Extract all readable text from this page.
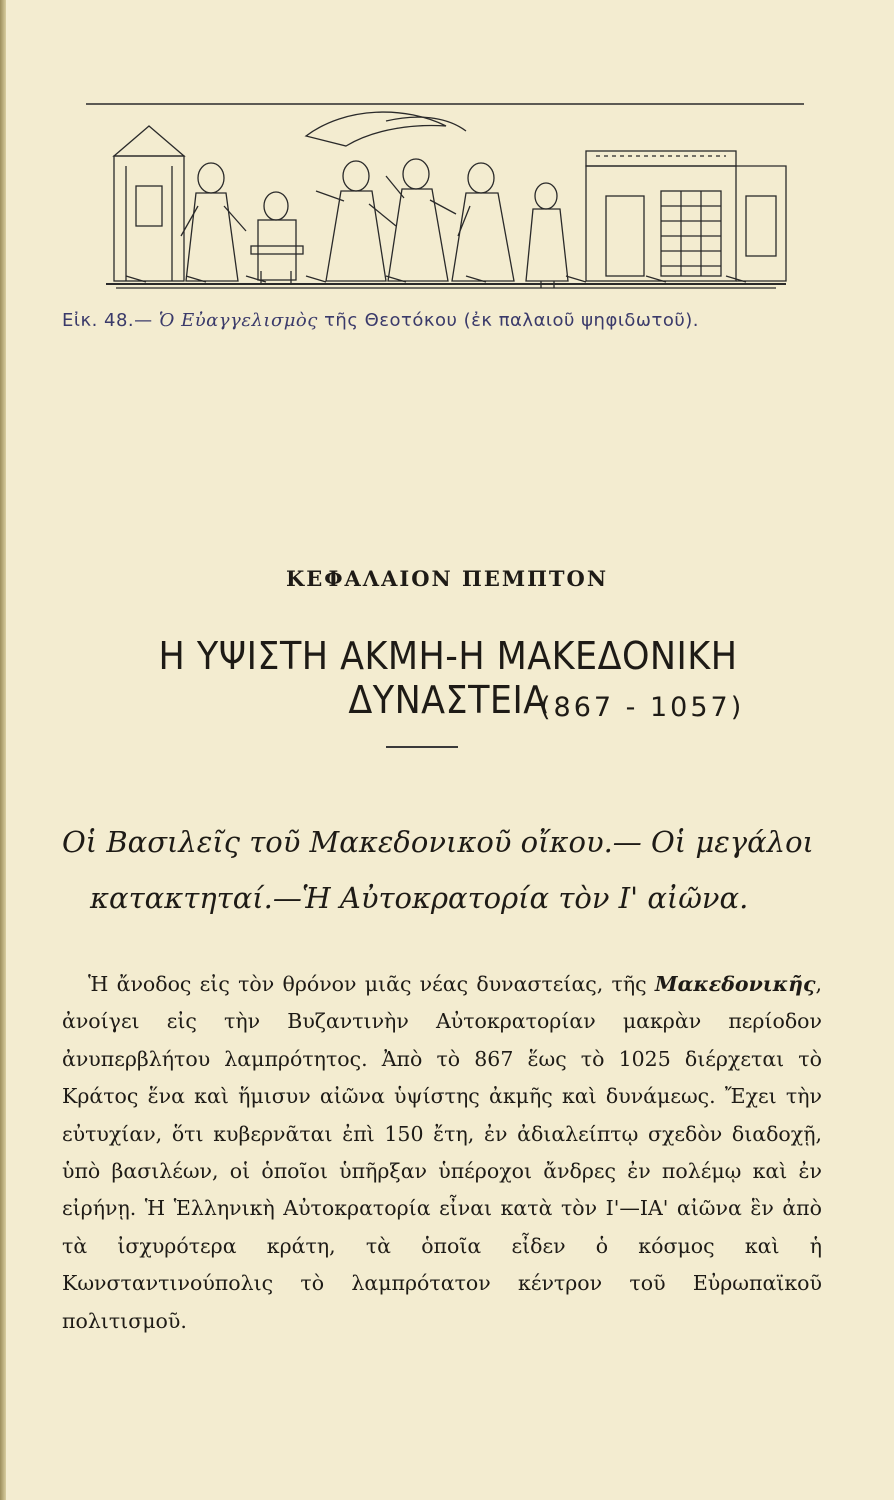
Εἰκ. 48.— Ὁ Εὐαγγελισμὸς τῆς Θεοτόκου (ἐκ παλαιοῦ ψηφιδωτοῦ).
ΚΕΦΑΛΑΙΟΝ ΠΕΜΠΤΟΝ
Η ΥΨΙΣΤΗ ΑΚΜΗ-Η ΜΑΚΕΔΟΝΙΚΗ ΔΥΝΑΣΤΕΙΑ
(867 - 1057)
Οἱ Βασιλεῖς τοῦ Μακεδονικοῦ οἴκου.— Οἱ μεγάλοι
κατακτηταί.—Ἡ Αὐτοκρατορία τὸν Ι' αἰῶνα.
Ἡ ἄνοδος εἰς τὸν θρόνον μιᾶς νέας δυναστείας, τῆς Μακεδονικῆς, ἀνοίγει εἰς τὴν Βυζαντινὴν Αὐτοκρατορίαν μακρὰν περίοδον ἀνυπερβλήτου λαμπρότητος. Ἀπὸ τὸ 867 ἕως τὸ 1025 διέρχεται τὸ Κράτος ἕνα καὶ ἥμισυν αἰῶνα ὑψίστης ἀκμῆς καὶ δυνάμεως. Ἔχει τὴν εὐτυχίαν, ὅτι κυβερνᾶται ἐπὶ 150 ἔτη, ἐν ἀδιαλείπτῳ σχεδὸν διαδοχῇ, ὑπὸ βασιλέων, οἱ ὁποῖοι ὑπῆρξαν ὑπέροχοι ἄνδρες ἐν πολέμῳ καὶ ἐν εἰρήνῃ. Ἡ Ἑλληνικὴ Αὐτοκρατορία εἶναι κατὰ τὸν Ι'—ΙΑ' αἰῶνα ἓν ἀπὸ τὰ ἰσχυρότερα κράτη, τὰ ὁποῖα εἶδεν ὁ κόσμος καὶ ἡ Κωνσταντινούπολις τὸ λαμπρότατον κέντρον τοῦ Εὐρωπαϊκοῦ πολιτισμοῦ.
